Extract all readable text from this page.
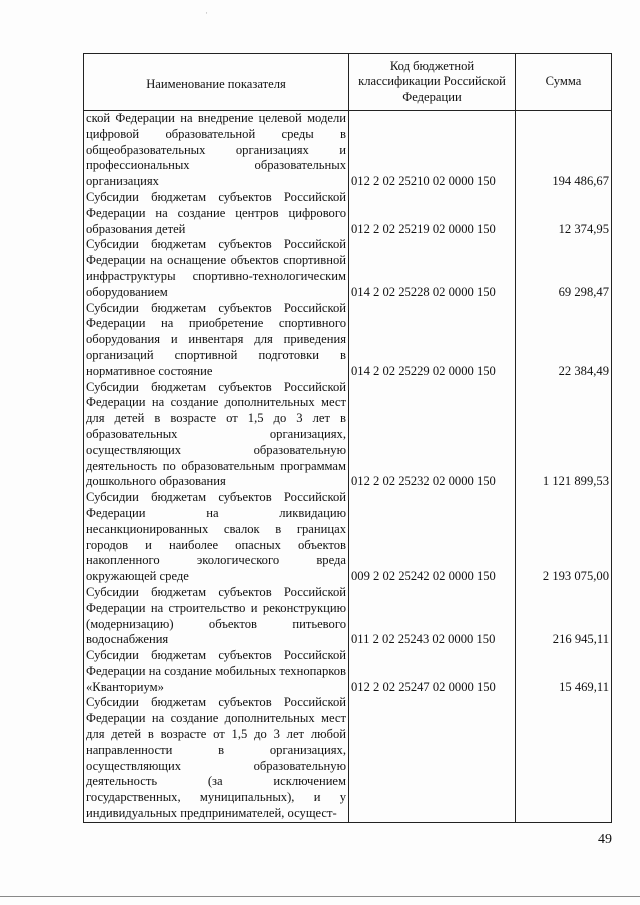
·
Наименование показателя	Код бюджетной классификации Российской Федерации	Сумма
ской Федерации на внедрение целевой модели цифровой образовательной среды в общеобразовательных организациях и профессиональных образовательных организациях	012 2 02 25210 02 0000 150	194 486,67
Субсидии бюджетам субъектов Российской Федерации на создание центров цифрового образования детей	012 2 02 25219 02 0000 150	12 374,95
Субсидии бюджетам субъектов Российской Федерации на оснащение объектов спортивной инфраструктуры спортивно-технологическим оборудованием	014 2 02 25228 02 0000 150	69 298,47
Субсидии бюджетам субъектов Российской Федерации на приобретение спортивного оборудования и инвентаря для приведения организаций спортивной подготовки в нормативное состояние	014 2 02 25229 02 0000 150	22 384,49
Субсидии бюджетам субъектов Российской Федерации на создание дополнительных мест для детей в возрасте от 1,5 до 3 лет в образовательных организациях, осуществляющих образовательную деятельность по образовательным программам дошкольного образования	012 2 02 25232 02 0000 150	1 121 899,53
Субсидии бюджетам субъектов Российской Федерации на ликвидацию несанкционированных свалок в границах городов и наиболее опасных объектов накопленного экологического вреда окружающей среде	009 2 02 25242 02 0000 150	2 193 075,00
Субсидии бюджетам субъектов Российской Федерации на строительство и реконструкцию (модернизацию) объектов питьевого водоснабжения	011 2 02 25243 02 0000 150	216 945,11
Субсидии бюджетам субъектов Российской Федерации на создание мобильных технопарков «Кванториум»	012 2 02 25247 02 0000 150	15 469,11
Субсидии бюджетам субъектов Российской Федерации на создание дополнительных мест для детей в возрасте от 1,5 до 3 лет любой направленности в организациях, осуществляющих образовательную деятельность (за исключением государственных, муниципальных), и у индивидуальных предпринимателей, осущест-		
49
